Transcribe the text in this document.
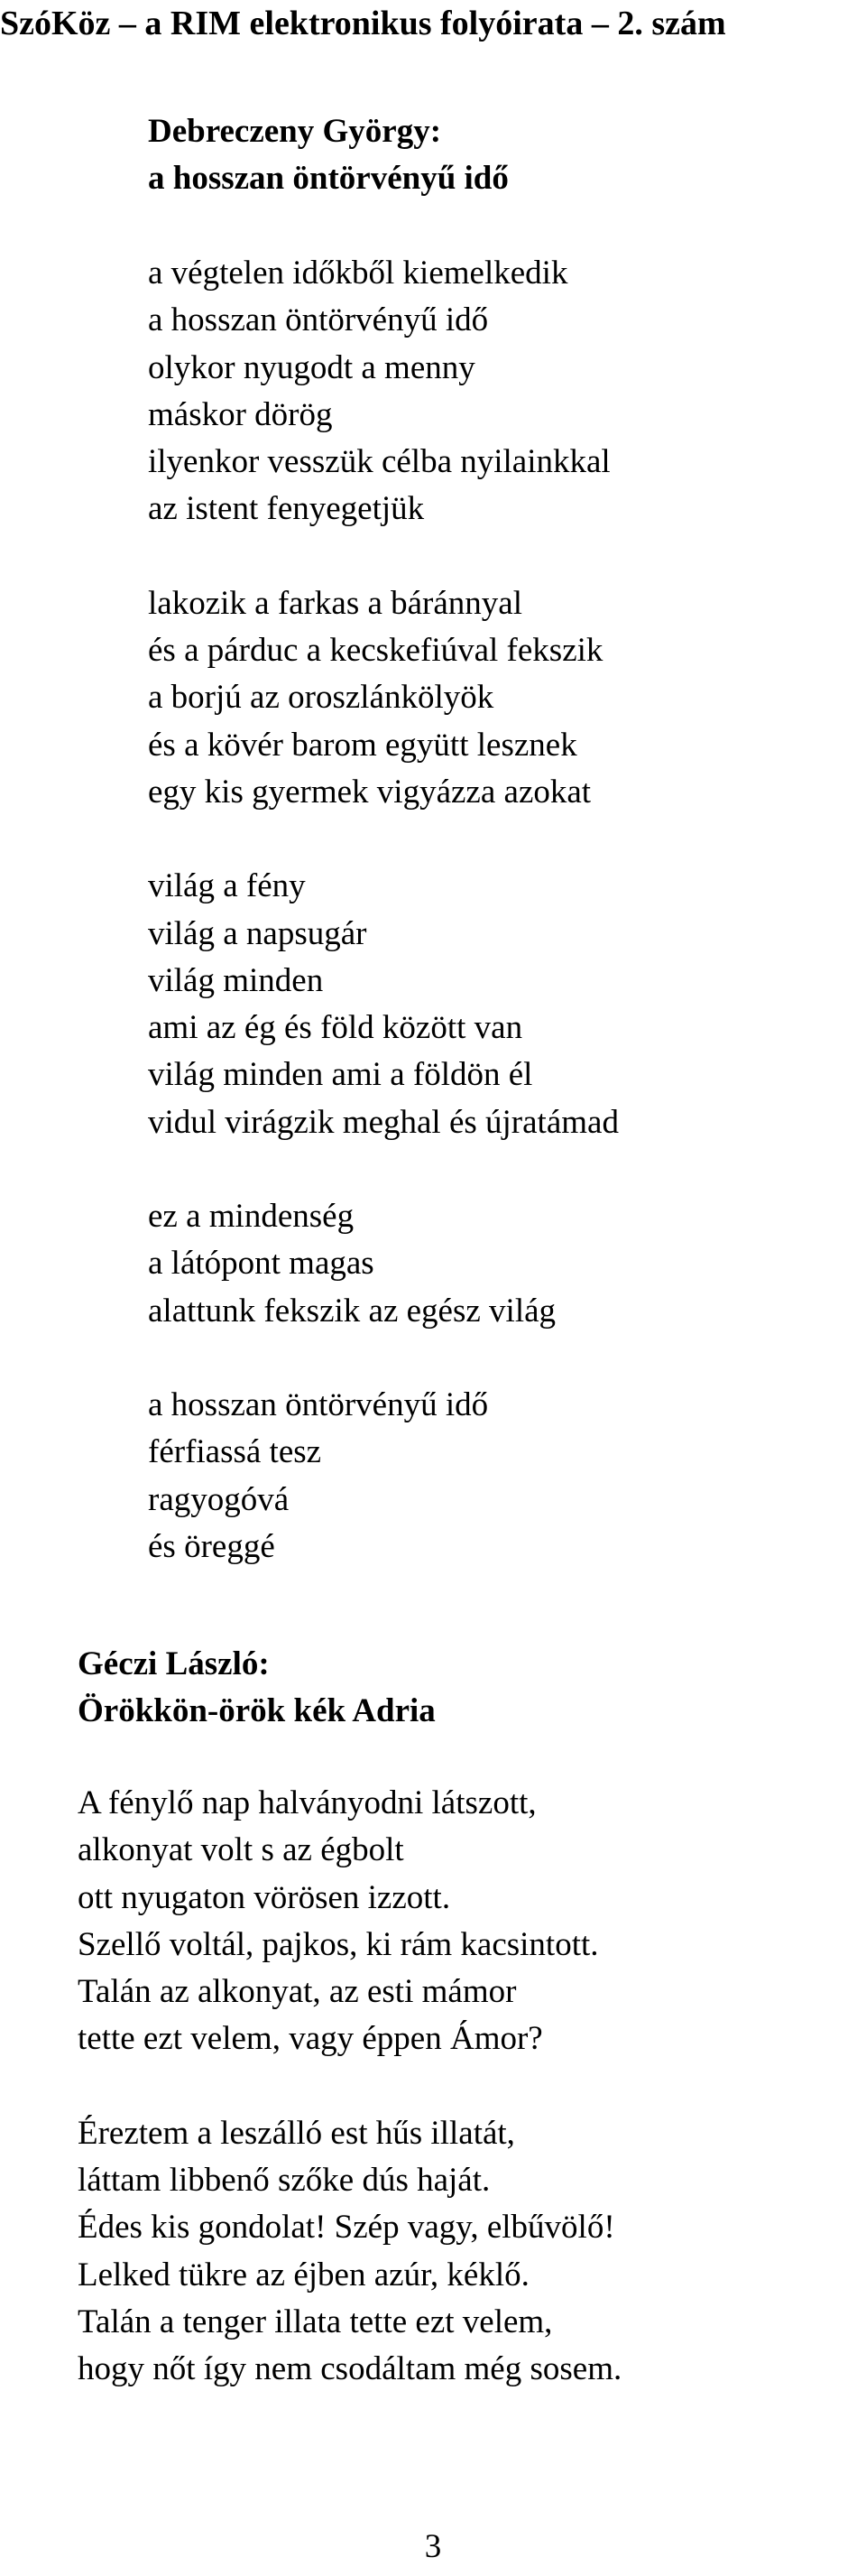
SzóKöz – a RIM elektronikus folyóirata – 2. szám
Debreczeny György:
a hosszan öntörvényű idő
a végtelen időkből kiemelkedik
a hosszan öntörvényű idő
olykor nyugodt a menny
máskor dörög
ilyenkor vesszük célba nyilainkkal
az istent fenyegetjük
lakozik a farkas a báránnyal
és a párduc a kecskefiúval fekszik
a borjú az oroszlánkölyök
és a kövér barom együtt lesznek
egy kis gyermek vigyázza azokat
világ a fény
világ a napsugár
világ minden
ami az ég és föld között van
világ minden ami a földön él
vidul virágzik meghal és újratámad
ez a mindenség
a látópont magas
alattunk fekszik az egész világ
a hosszan öntörvényű idő
férfiassá tesz
ragyogóvá
és öreggé
Géczi László:
Örökkön-örök kék Adria
A fénylő nap halványodni látszott,
alkonyat volt s az égbolt
ott nyugaton vörösen izzott.
Szellő voltál, pajkos, ki rám kacsintott.
Talán az alkonyat, az esti mámor
tette ezt velem, vagy éppen Ámor?
Éreztem a leszálló est hűs illatát,
láttam libbenő szőke dús haját.
Édes kis gondolat! Szép vagy, elbűvölő!
Lelked tükre az éjben azúr, kéklő.
Talán a tenger illata tette ezt velem,
hogy nőt így nem csodáltam még sosem.
3
